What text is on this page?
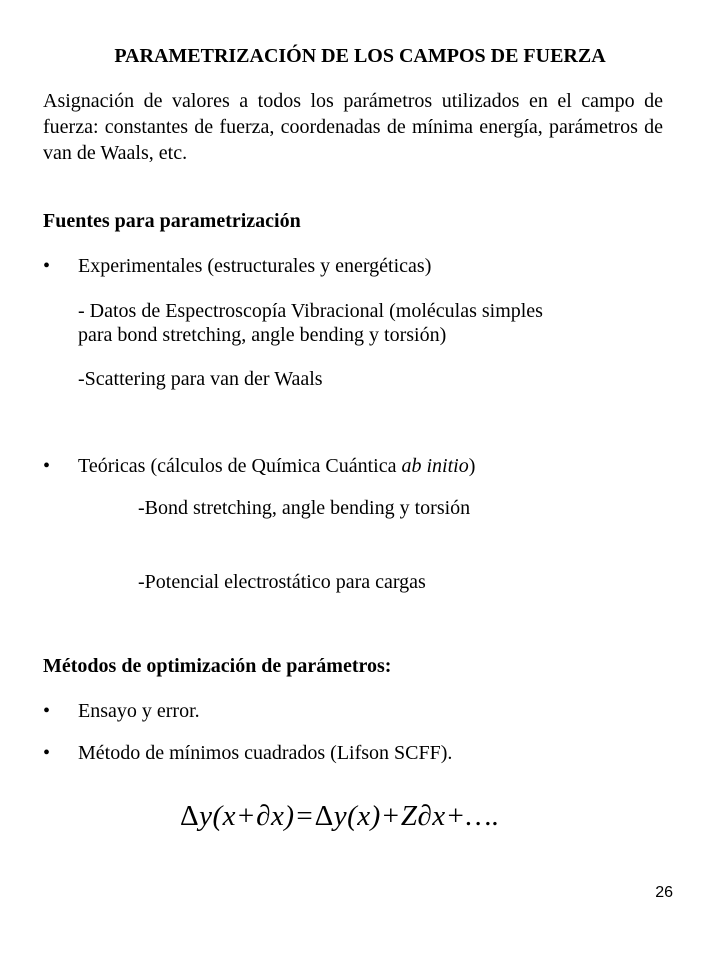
PARAMETRIZACIÓN DE LOS CAMPOS DE FUERZA
Asignación de valores a todos los parámetros utilizados en el campo de fuerza: constantes de fuerza, coordenadas de mínima energía, parámetros de van de Waals, etc.
Fuentes para parametrización
• Experimentales (estructurales y energéticas)
- Datos de Espectroscopía Vibracional (moléculas simples
para bond stretching, angle bending y torsión)
-Scattering para van der Waals
• Teóricas (cálculos de Química Cuántica ab initio)
-Bond stretching, angle bending y torsión
-Potencial electrostático para cargas
Métodos de optimización de parámetros:
• Ensayo y error.
• Método de mínimos cuadrados (Lifson SCFF).
Δy(x+∂x)=Δy(x)+Z∂x+….
26
